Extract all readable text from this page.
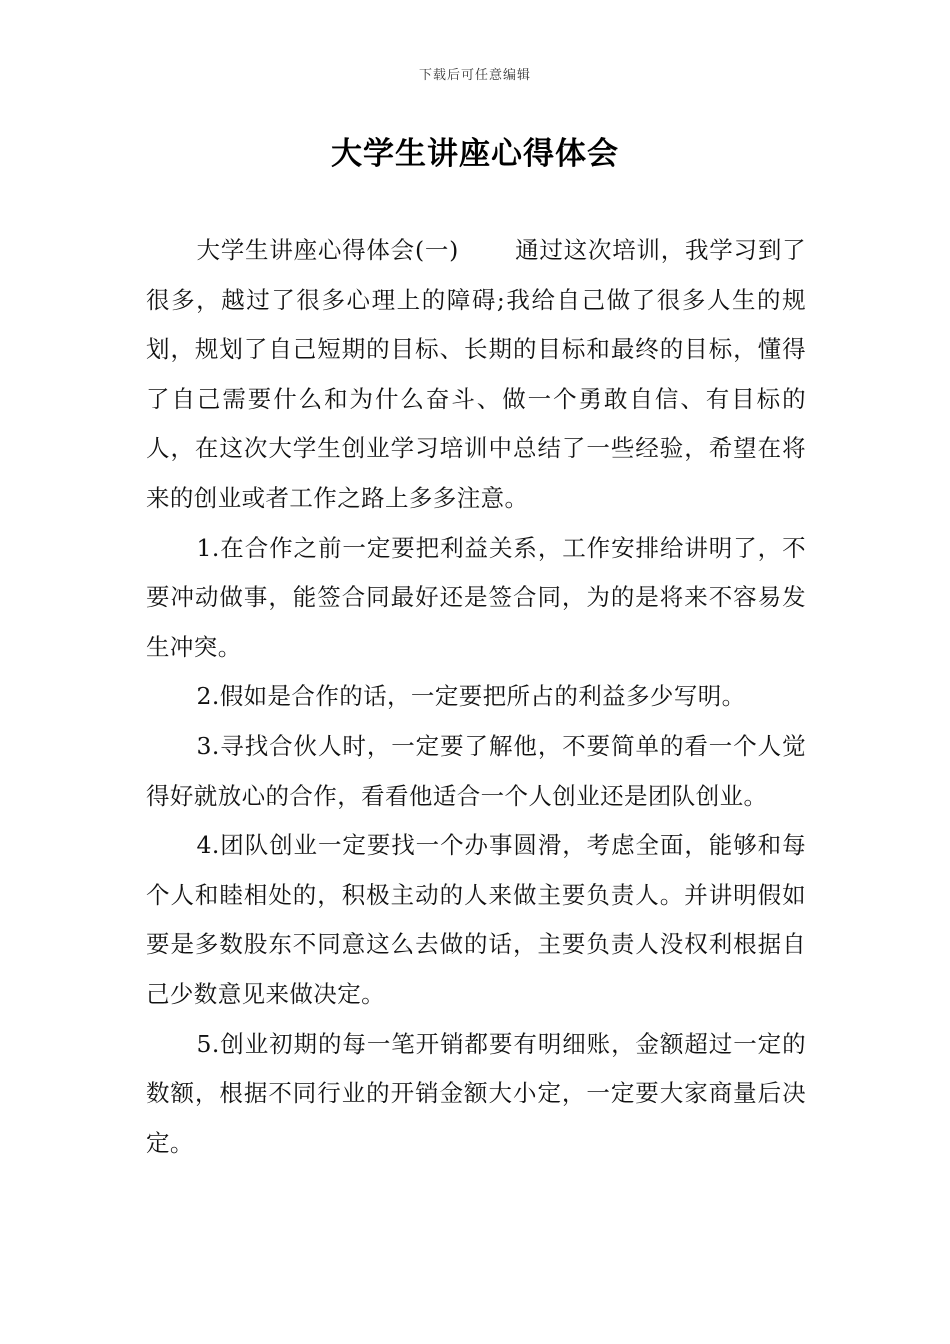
下载后可任意编辑
大学生讲座心得体会

大学生讲座心得体会(一) 通过这次培训，我学习到了很多，越过了很多心理上的障碍;我给自己做了很多人生的规划，规划了自己短期的目标、长期的目标和最终的目标，懂得了自己需要什么和为什么奋斗、做一个勇敢自信、有目标的人，在这次大学生创业学习培训中总结了一些经验，希望在将来的创业或者工作之路上多多注意。

1.在合作之前一定要把利益关系，工作安排给讲明了，不要冲动做事，能签合同最好还是签合同，为的是将来不容易发生冲突。

2.假如是合作的话，一定要把所占的利益多少写明。

3.寻找合伙人时，一定要了解他，不要简单的看一个人觉得好就放心的合作，看看他适合一个人创业还是团队创业。

4.团队创业一定要找一个办事圆滑，考虑全面，能够和每个人和睦相处的，积极主动的人来做主要负责人。并讲明假如要是多数股东不同意这么去做的话，主要负责人没权利根据自己少数意见来做决定。

5.创业初期的每一笔开销都要有明细账，金额超过一定的数额，根据不同行业的开销金额大小定，一定要大家商量后决定。
